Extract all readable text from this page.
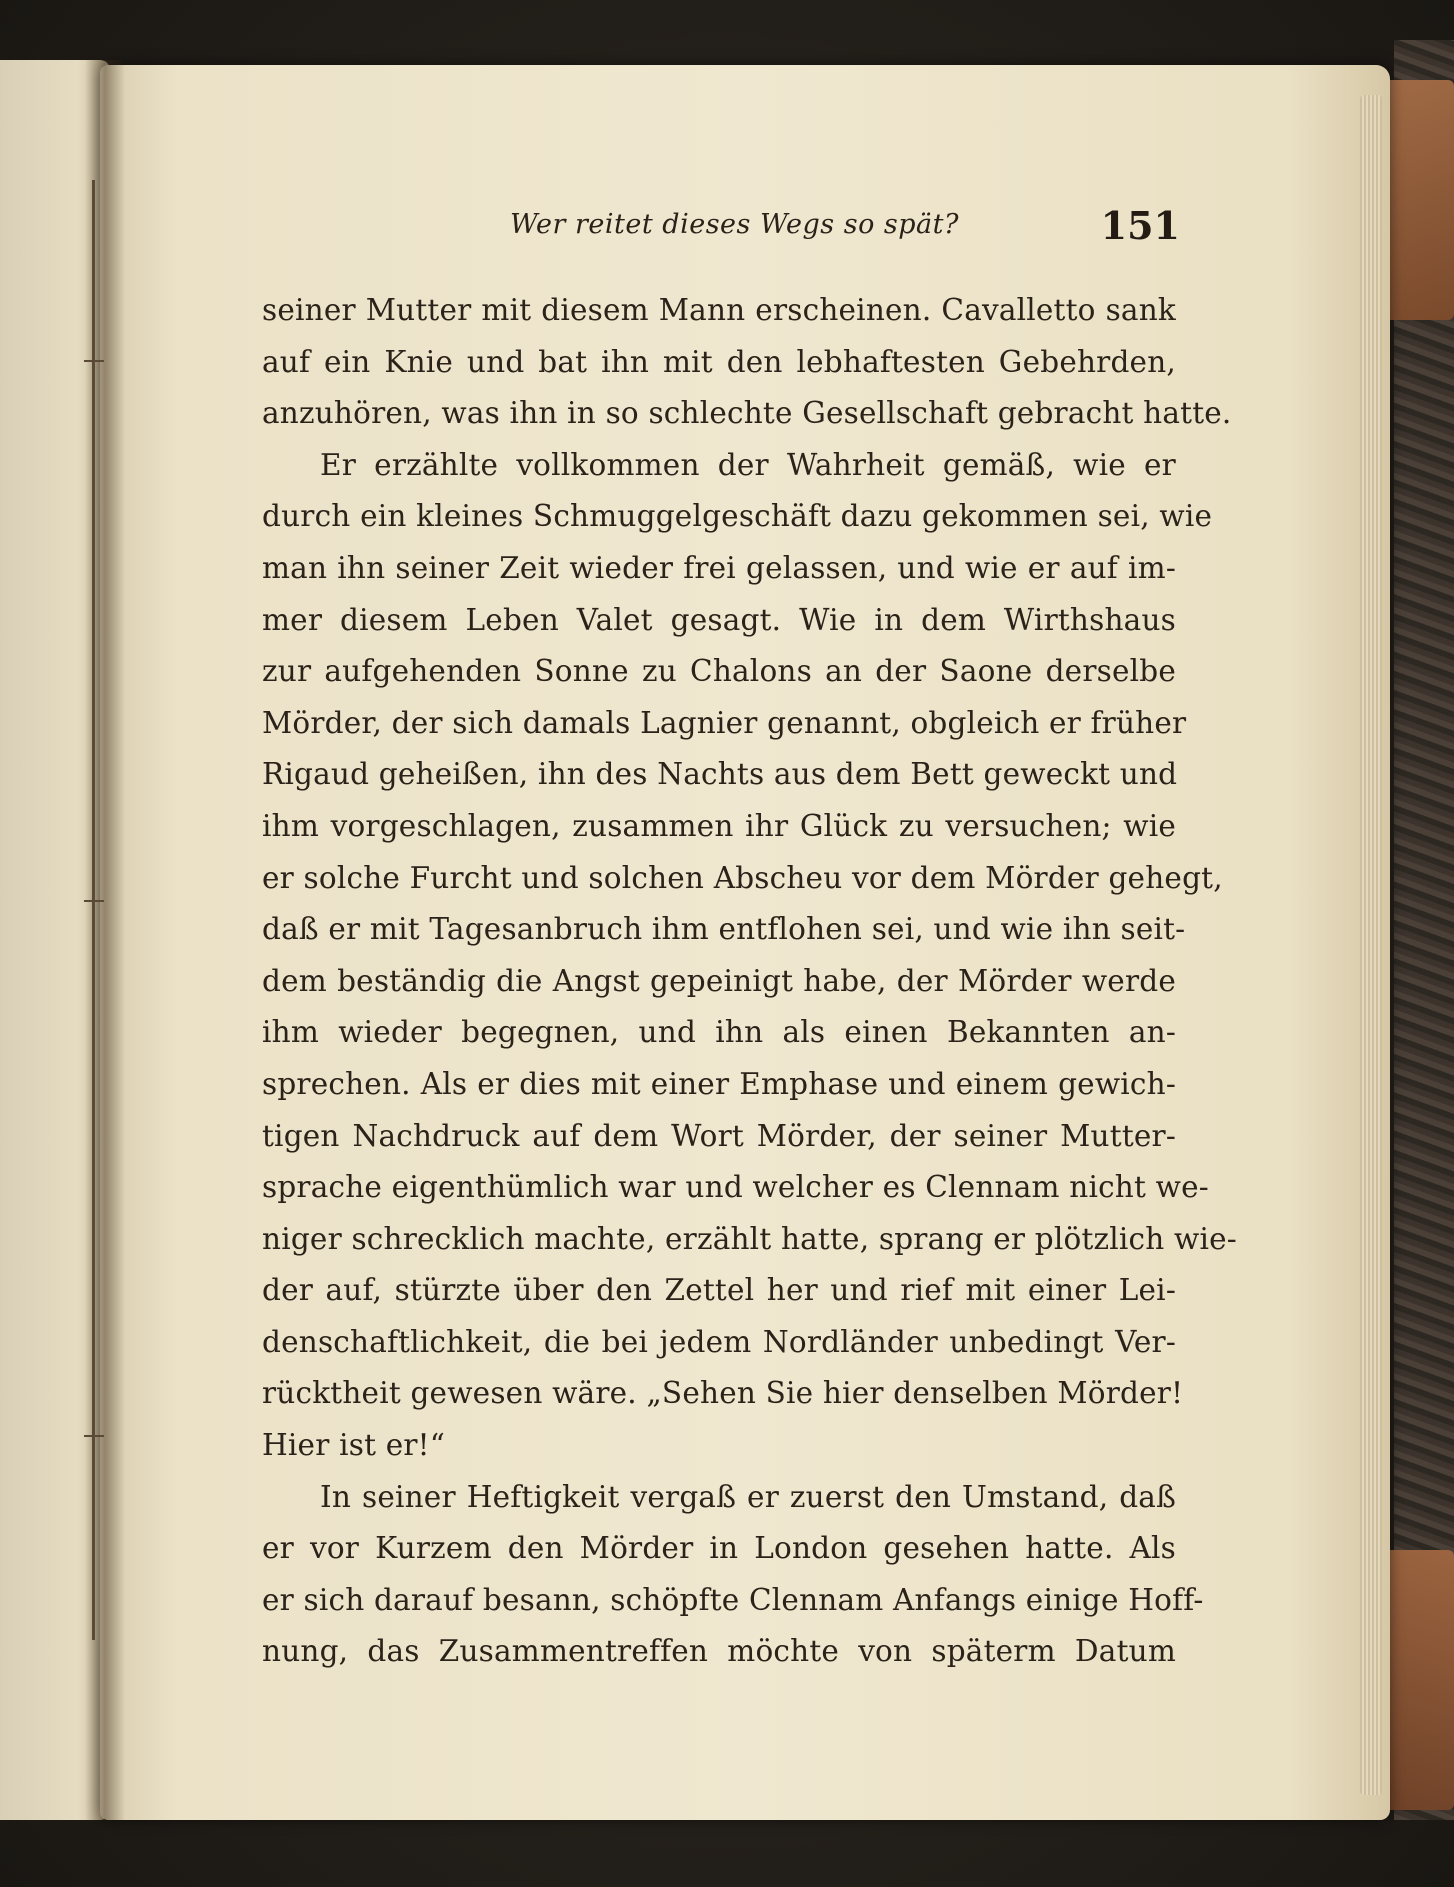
Wer reitet dieses Wegs so spät?	151
seiner Mutter mit diesem Mann erscheinen. Cavalletto sank
auf ein Knie und bat ihn mit den lebhaftesten Gebehrden,
anzuhören, was ihn in so schlechte Gesellschaft gebracht hatte.
Er erzählte vollkommen der Wahrheit gemäß, wie er
durch ein kleines Schmuggelgeschäft dazu gekommen sei, wie
man ihn seiner Zeit wieder frei gelassen, und wie er auf im-
mer diesem Leben Valet gesagt. Wie in dem Wirthshaus
zur aufgehenden Sonne zu Chalons an der Saone derselbe
Mörder, der sich damals Lagnier genannt, obgleich er früher
Rigaud geheißen, ihn des Nachts aus dem Bett geweckt und
ihm vorgeschlagen, zusammen ihr Glück zu versuchen; wie
er solche Furcht und solchen Abscheu vor dem Mörder gehegt,
daß er mit Tagesanbruch ihm entflohen sei, und wie ihn seit-
dem beständig die Angst gepeinigt habe, der Mörder werde
ihm wieder begegnen, und ihn als einen Bekannten an-
sprechen. Als er dies mit einer Emphase und einem gewich-
tigen Nachdruck auf dem Wort Mörder, der seiner Mutter-
sprache eigenthümlich war und welcher es Clennam nicht we-
niger schrecklich machte, erzählt hatte, sprang er plötzlich wie-
der auf, stürzte über den Zettel her und rief mit einer Lei-
denschaftlichkeit, die bei jedem Nordländer unbedingt Ver-
rücktheit gewesen wäre. „Sehen Sie hier denselben Mörder!
Hier ist er!“
In seiner Heftigkeit vergaß er zuerst den Umstand, daß
er vor Kurzem den Mörder in London gesehen hatte. Als
er sich darauf besann, schöpfte Clennam Anfangs einige Hoff-
nung, das Zusammentreffen möchte von späterm Datum
